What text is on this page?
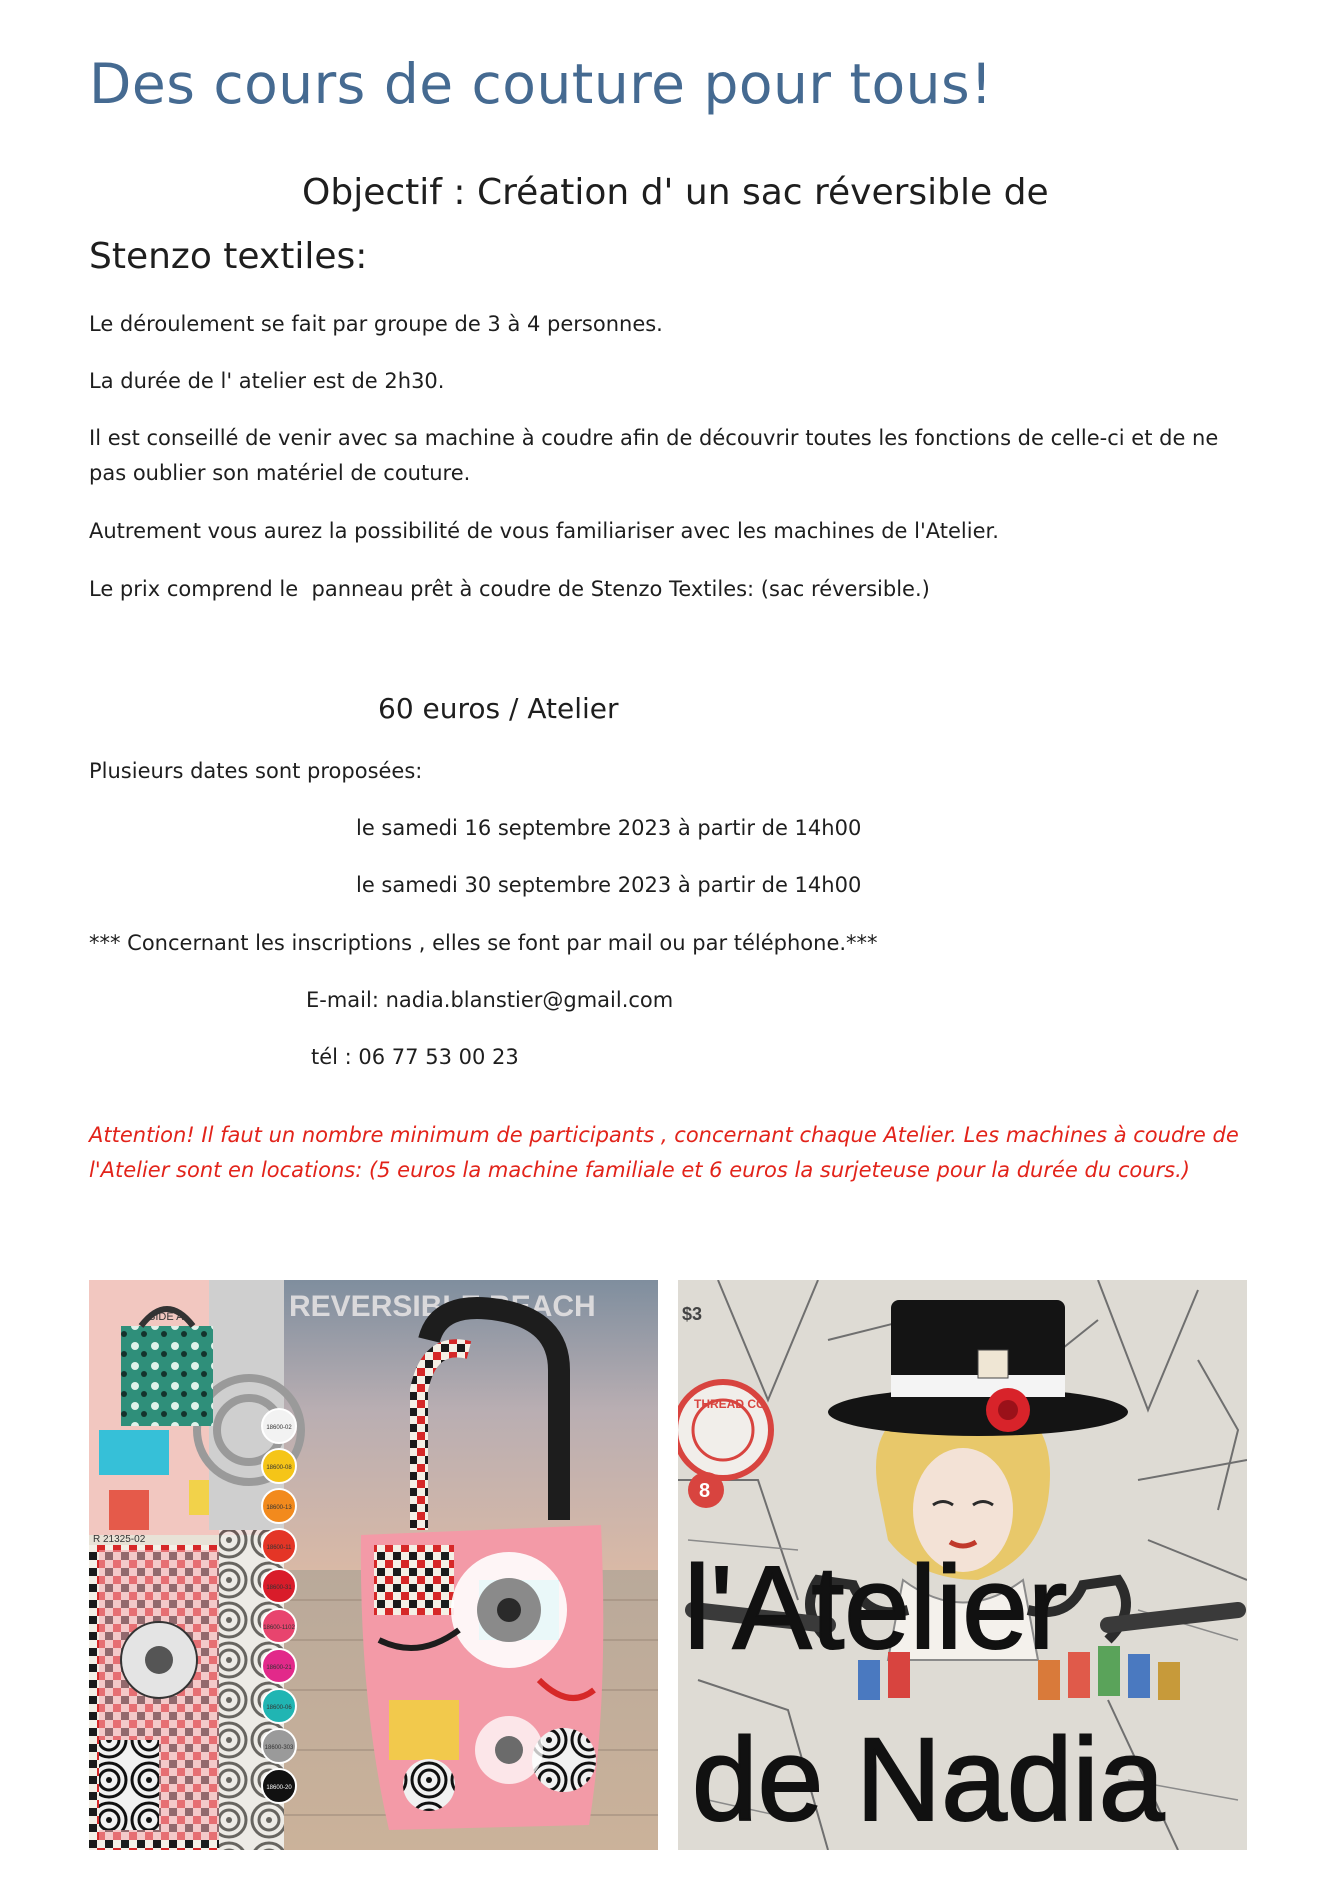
Des cours de couture pour tous!
Objectif : Création d' un sac réversible de
Stenzo textiles:

Le déroulement se fait par groupe de 3 à 4 personnes.

La durée de l' atelier est de 2h30.

Il est conseillé de venir avec sa machine à coudre afin de découvrir toutes les fonctions de celle-ci et de ne pas oublier son matériel de couture.

Autrement vous aurez la possibilité de vous familiariser avec les machines de l'Atelier.

Le prix comprend le  panneau prêt à coudre de Stenzo Textiles: (sac réversible.)

60 euros / Atelier

Plusieurs dates sont proposées:

le samedi 16 septembre 2023 à partir de 14h00

le samedi 30 septembre 2023 à partir de 14h00

*** Concernant les inscriptions , elles se font par mail ou par téléphone.***

E-mail: nadia.blanstier@gmail.com

tél : 06 77 53 00 23

Attention! Il faut un nombre minimum de participants , concernant chaque Atelier. Les machines à coudre de l'Atelier sont en locations: (5 euros la machine familiale et 6 euros la surjeteuse pour la durée du cours.)

SIDE A
R 21325-02
REVERSIBLE BEACH
18600-02
18600-08
18600-13
18600-11
18600-31
18600-1102
18600-21
18600-06
18600-303
18600-20
$3
THREAD CO
8
l'Atelier
de Nadia
